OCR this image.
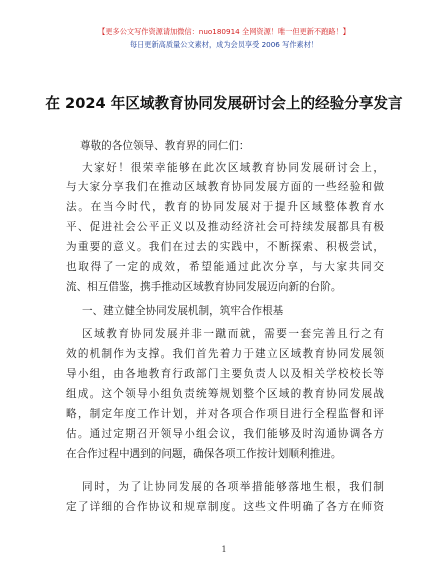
【更多公文写作资源请加微信：nuo180914 全网资源！唯一但更新不跑路！】
每日更新高质量公文素材，成为会员享受 2006 写作素材！
在 2024 年区域教育协同发展研讨会上的经验分享发言
尊敬的各位领导、教育界的同仁们：
大家好！很荣幸能够在此次区域教育协同发展研讨会上，
与大家分享我们在推动区域教育协同发展方面的一些经验和做
法。在当今时代，教育的协同发展对于提升区域整体教育水
平、促进社会公平正义以及推动经济社会可持续发展都具有极
为重要的意义。我们在过去的实践中，不断探索、积极尝试，
也取得了一定的成效，希望能通过此次分享，与大家共同交
流、相互借鉴，携手推动区域教育协同发展迈向新的台阶。
一、建立健全协同发展机制，筑牢合作根基
区域教育协同发展并非一蹴而就，需要一套完善且行之有
效的机制作为支撑。我们首先着力于建立区域教育协同发展领
导小组，由各地教育行政部门主要负责人以及相关学校校长等
组成。这个领导小组负责统筹规划整个区域的教育协同发展战
略，制定年度工作计划，并对各项合作项目进行全程监督和评
估。通过定期召开领导小组会议，我们能够及时沟通协调各方
在合作过程中遇到的问题，确保各项工作按计划顺利推进。
同时，为了让协同发展的各项举措能够落地生根，我们制
定了详细的合作协议和规章制度。这些文件明确了各方在师资
1
